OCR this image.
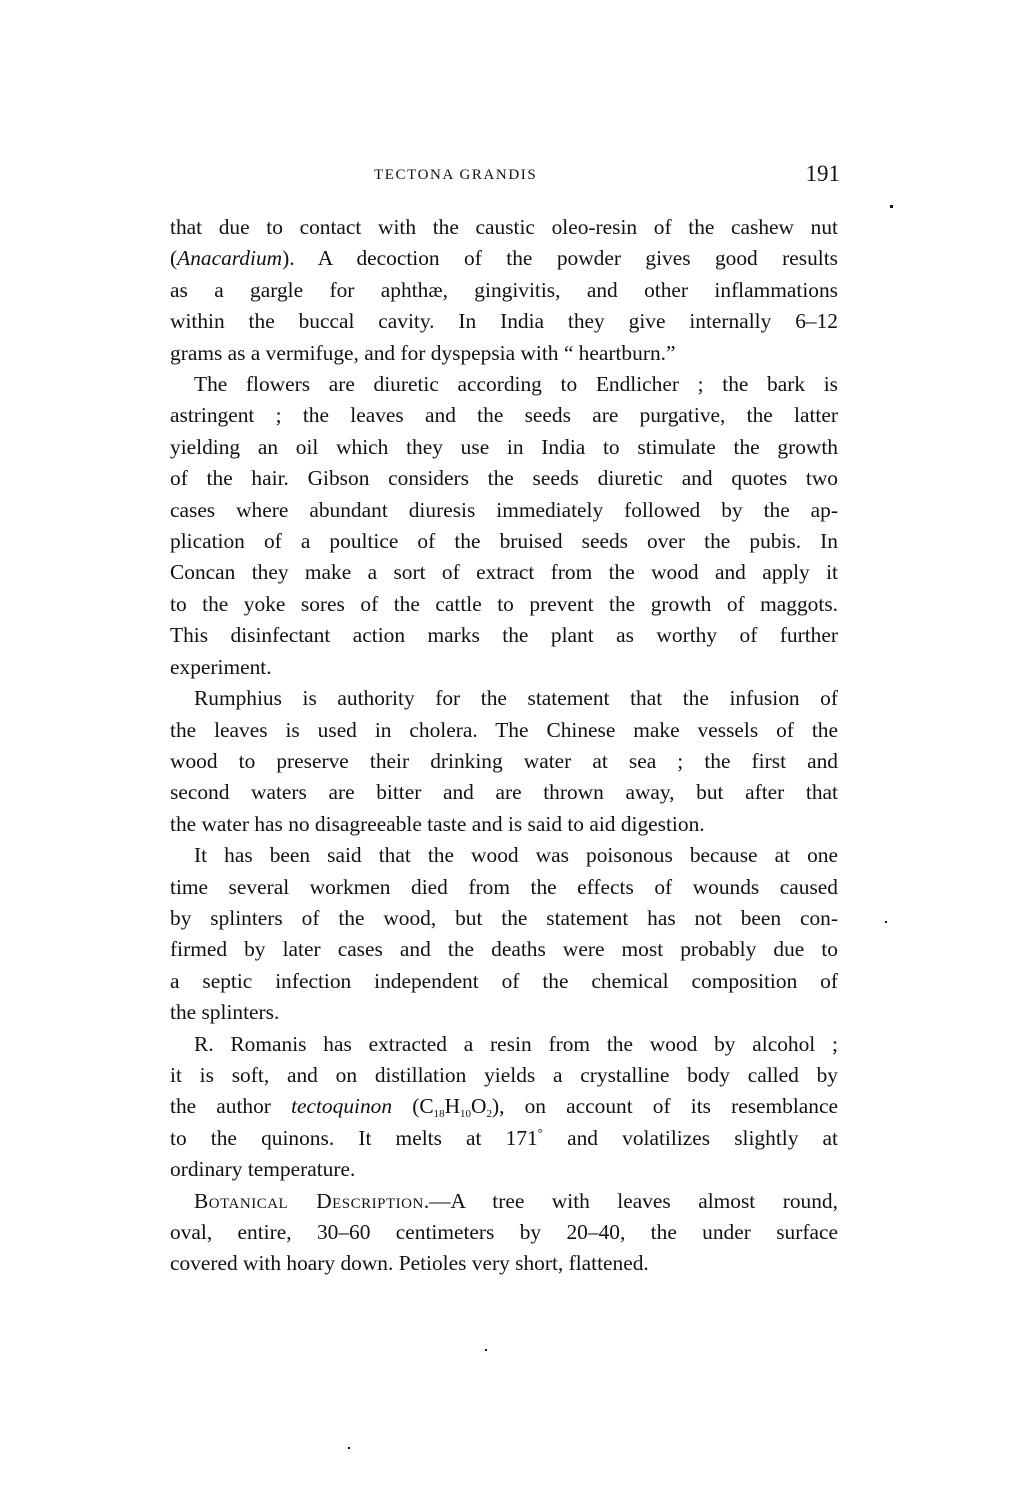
TECTONA GRANDIS	191
that due to contact with the caustic oleo-resin of the cashew nut
(Anacardium). A decoction of the powder gives good results
as a gargle for aphthæ, gingivitis, and other inflammations
within the buccal cavity. In India they give internally 6–12
grams as a vermifuge, and for dyspepsia with “ heartburn.”
The flowers are diuretic according to Endlicher ; the bark is
astringent ; the leaves and the seeds are purgative, the latter
yielding an oil which they use in India to stimulate the growth
of the hair. Gibson considers the seeds diuretic and quotes two
cases where abundant diuresis immediately followed by the ap-
plication of a poultice of the bruised seeds over the pubis. In
Concan they make a sort of extract from the wood and apply it
to the yoke sores of the cattle to prevent the growth of maggots.
This disinfectant action marks the plant as worthy of further
experiment.
Rumphius is authority for the statement that the infusion of
the leaves is used in cholera. The Chinese make vessels of the
wood to preserve their drinking water at sea ; the first and
second waters are bitter and are thrown away, but after that
the water has no disagreeable taste and is said to aid digestion.
It has been said that the wood was poisonous because at one
time several workmen died from the effects of wounds caused
by splinters of the wood, but the statement has not been con-
firmed by later cases and the deaths were most probably due to
a septic infection independent of the chemical composition of
the splinters.
R. Romanis has extracted a resin from the wood by alcohol ;
it is soft, and on distillation yields a crystalline body called by
the author tectoquinon $(C_{18}H_{10}O_2)$, on account of its resemblance
to the quinons. It melts at 171° and volatilizes slightly at
ordinary temperature.
Botanical Description.—A tree with leaves almost round,
oval, entire, 30–60 centimeters by 20–40, the under surface
covered with hoary down. Petioles very short, flattened.
